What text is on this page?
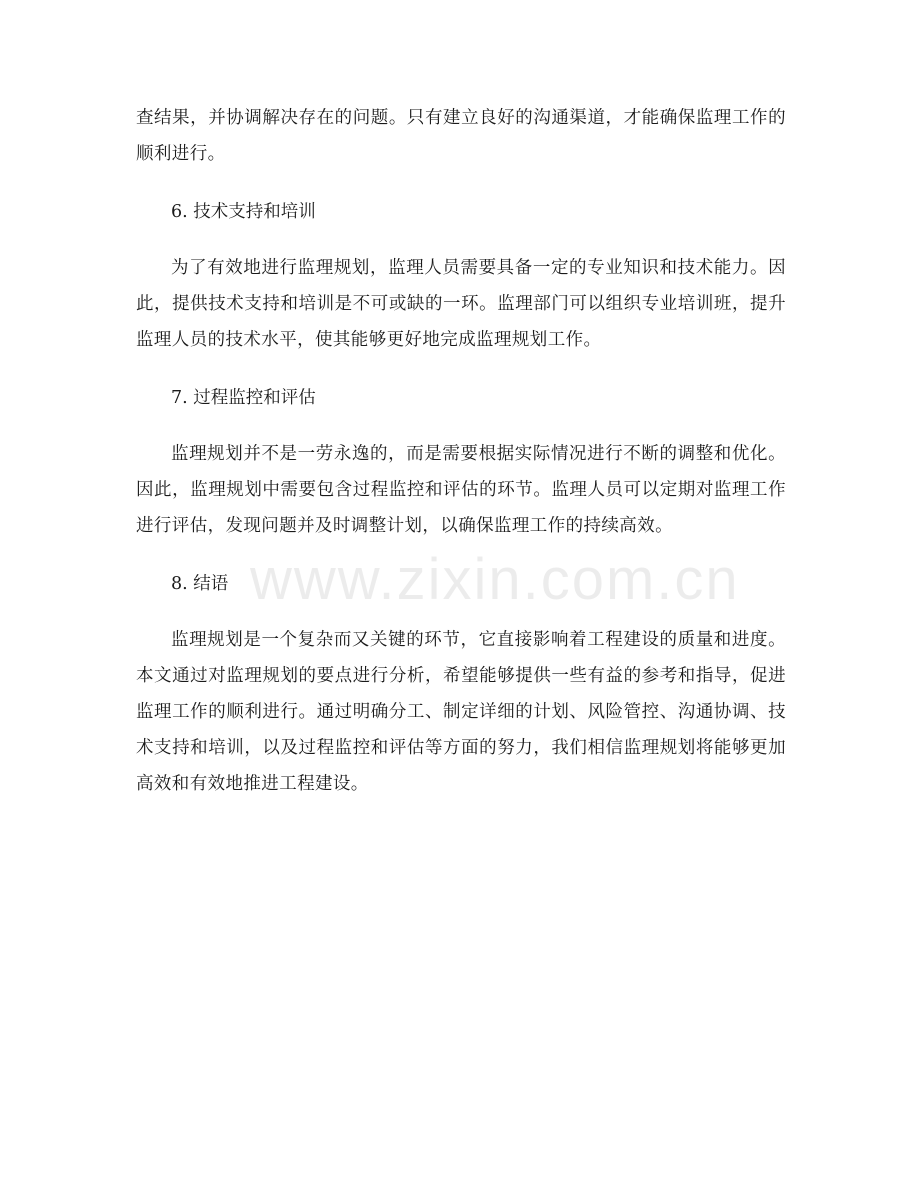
查结果，并协调解决存在的问题。只有建立良好的沟通渠道，才能确保监理工作的顺利进行。

6. 技术支持和培训

为了有效地进行监理规划，监理人员需要具备一定的专业知识和技术能力。因此，提供技术支持和培训是不可或缺的一环。监理部门可以组织专业培训班，提升监理人员的技术水平，使其能够更好地完成监理规划工作。

7. 过程监控和评估

监理规划并不是一劳永逸的，而是需要根据实际情况进行不断的调整和优化。因此，监理规划中需要包含过程监控和评估的环节。监理人员可以定期对监理工作进行评估，发现问题并及时调整计划，以确保监理工作的持续高效。

8. 结语

监理规划是一个复杂而又关键的环节，它直接影响着工程建设的质量和进度。本文通过对监理规划的要点进行分析，希望能够提供一些有益的参考和指导，促进监理工作的顺利进行。通过明确分工、制定详细的计划、风险管控、沟通协调、技术支持和培训，以及过程监控和评估等方面的努力，我们相信监理规划将能够更加高效和有效地推进工程建设。

www.zixin.com.cn
